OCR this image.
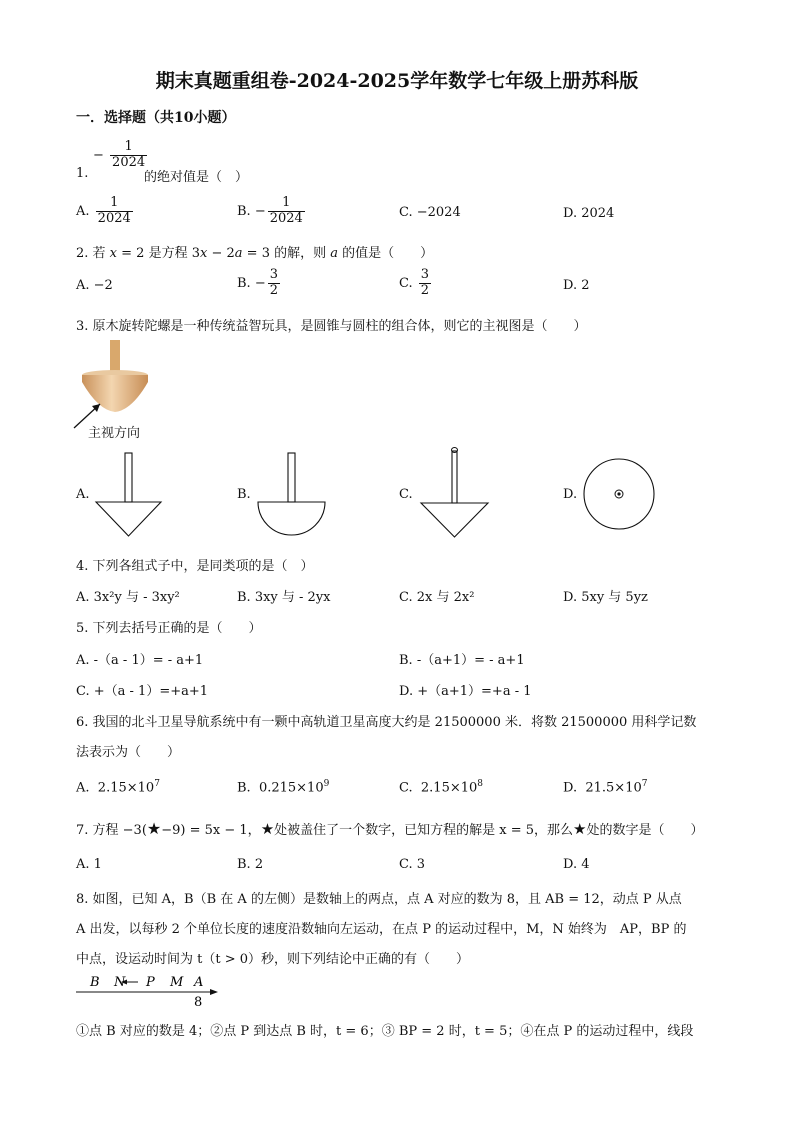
期末真题重组卷-2024-2025学年数学七年级上册苏科版
一．选择题（共10小题）
− $\frac{1}{2024}$
1.	的绝对值是（　）
A. $\frac{1}{2024}$	B. − $\frac{1}{2024}$	C. −2024	D. 2024
2. 若 x = 2 是方程 3x − 2a = 3 的解，则 a 的值是（　　）
A. −2	B. − $\frac{3}{2}$	C. $\frac{3}{2}$	D. 2
3. 原木旋转陀螺是一种传统益智玩具，是圆锥与圆柱的组合体，则它的主视图是（　　）
主视方向
A.	B.	C.	D.
4. 下列各组式子中，是同类项的是（　）
A. 3x²y 与 - 3xy²	B. 3xy 与 - 2yx	C. 2x 与 2x²	D. 5xy 与 5yz
5. 下列去括号正确的是（　　）
A. -（a - 1）= - a+1	B. -（a+1）= - a+1
C. +（a - 1）=+a+1	D. +（a+1）=+a - 1
6. 我国的北斗卫星导航系统中有一颗中高轨道卫星高度大约是 21500000 米．将数 21500000 用科学记数
法表示为（　　）
A. $2.15\times 10^7$	B. $0.215\times 10^9$	C. $2.15\times 10^8$	D. $21.5\times 10^7$
7. 方程 −3(★−9) = 5x − 1，★处被盖住了一个数字，已知方程的解是 x = 5，那么★处的数字是（　　）
A. 1	B. 2	C. 3	D. 4
8. 如图，已知 A，B（B 在 A 的左侧）是数轴上的两点，点 A 对应的数为 8，且 AB = 12，动点 P 从点
A 出发，以每秒 2 个单位长度的速度沿数轴向左运动，在点 P 的运动过程中，M，N 始终为　AP，BP 的
中点，设运动时间为 t（t > 0）秒，则下列结论中正确的有（　　）
B N P M A
8
①点 B 对应的数是 4；②点 P 到达点 B 时，t = 6；③ BP = 2 时，t = 5；④在点 P 的运动过程中，线段
